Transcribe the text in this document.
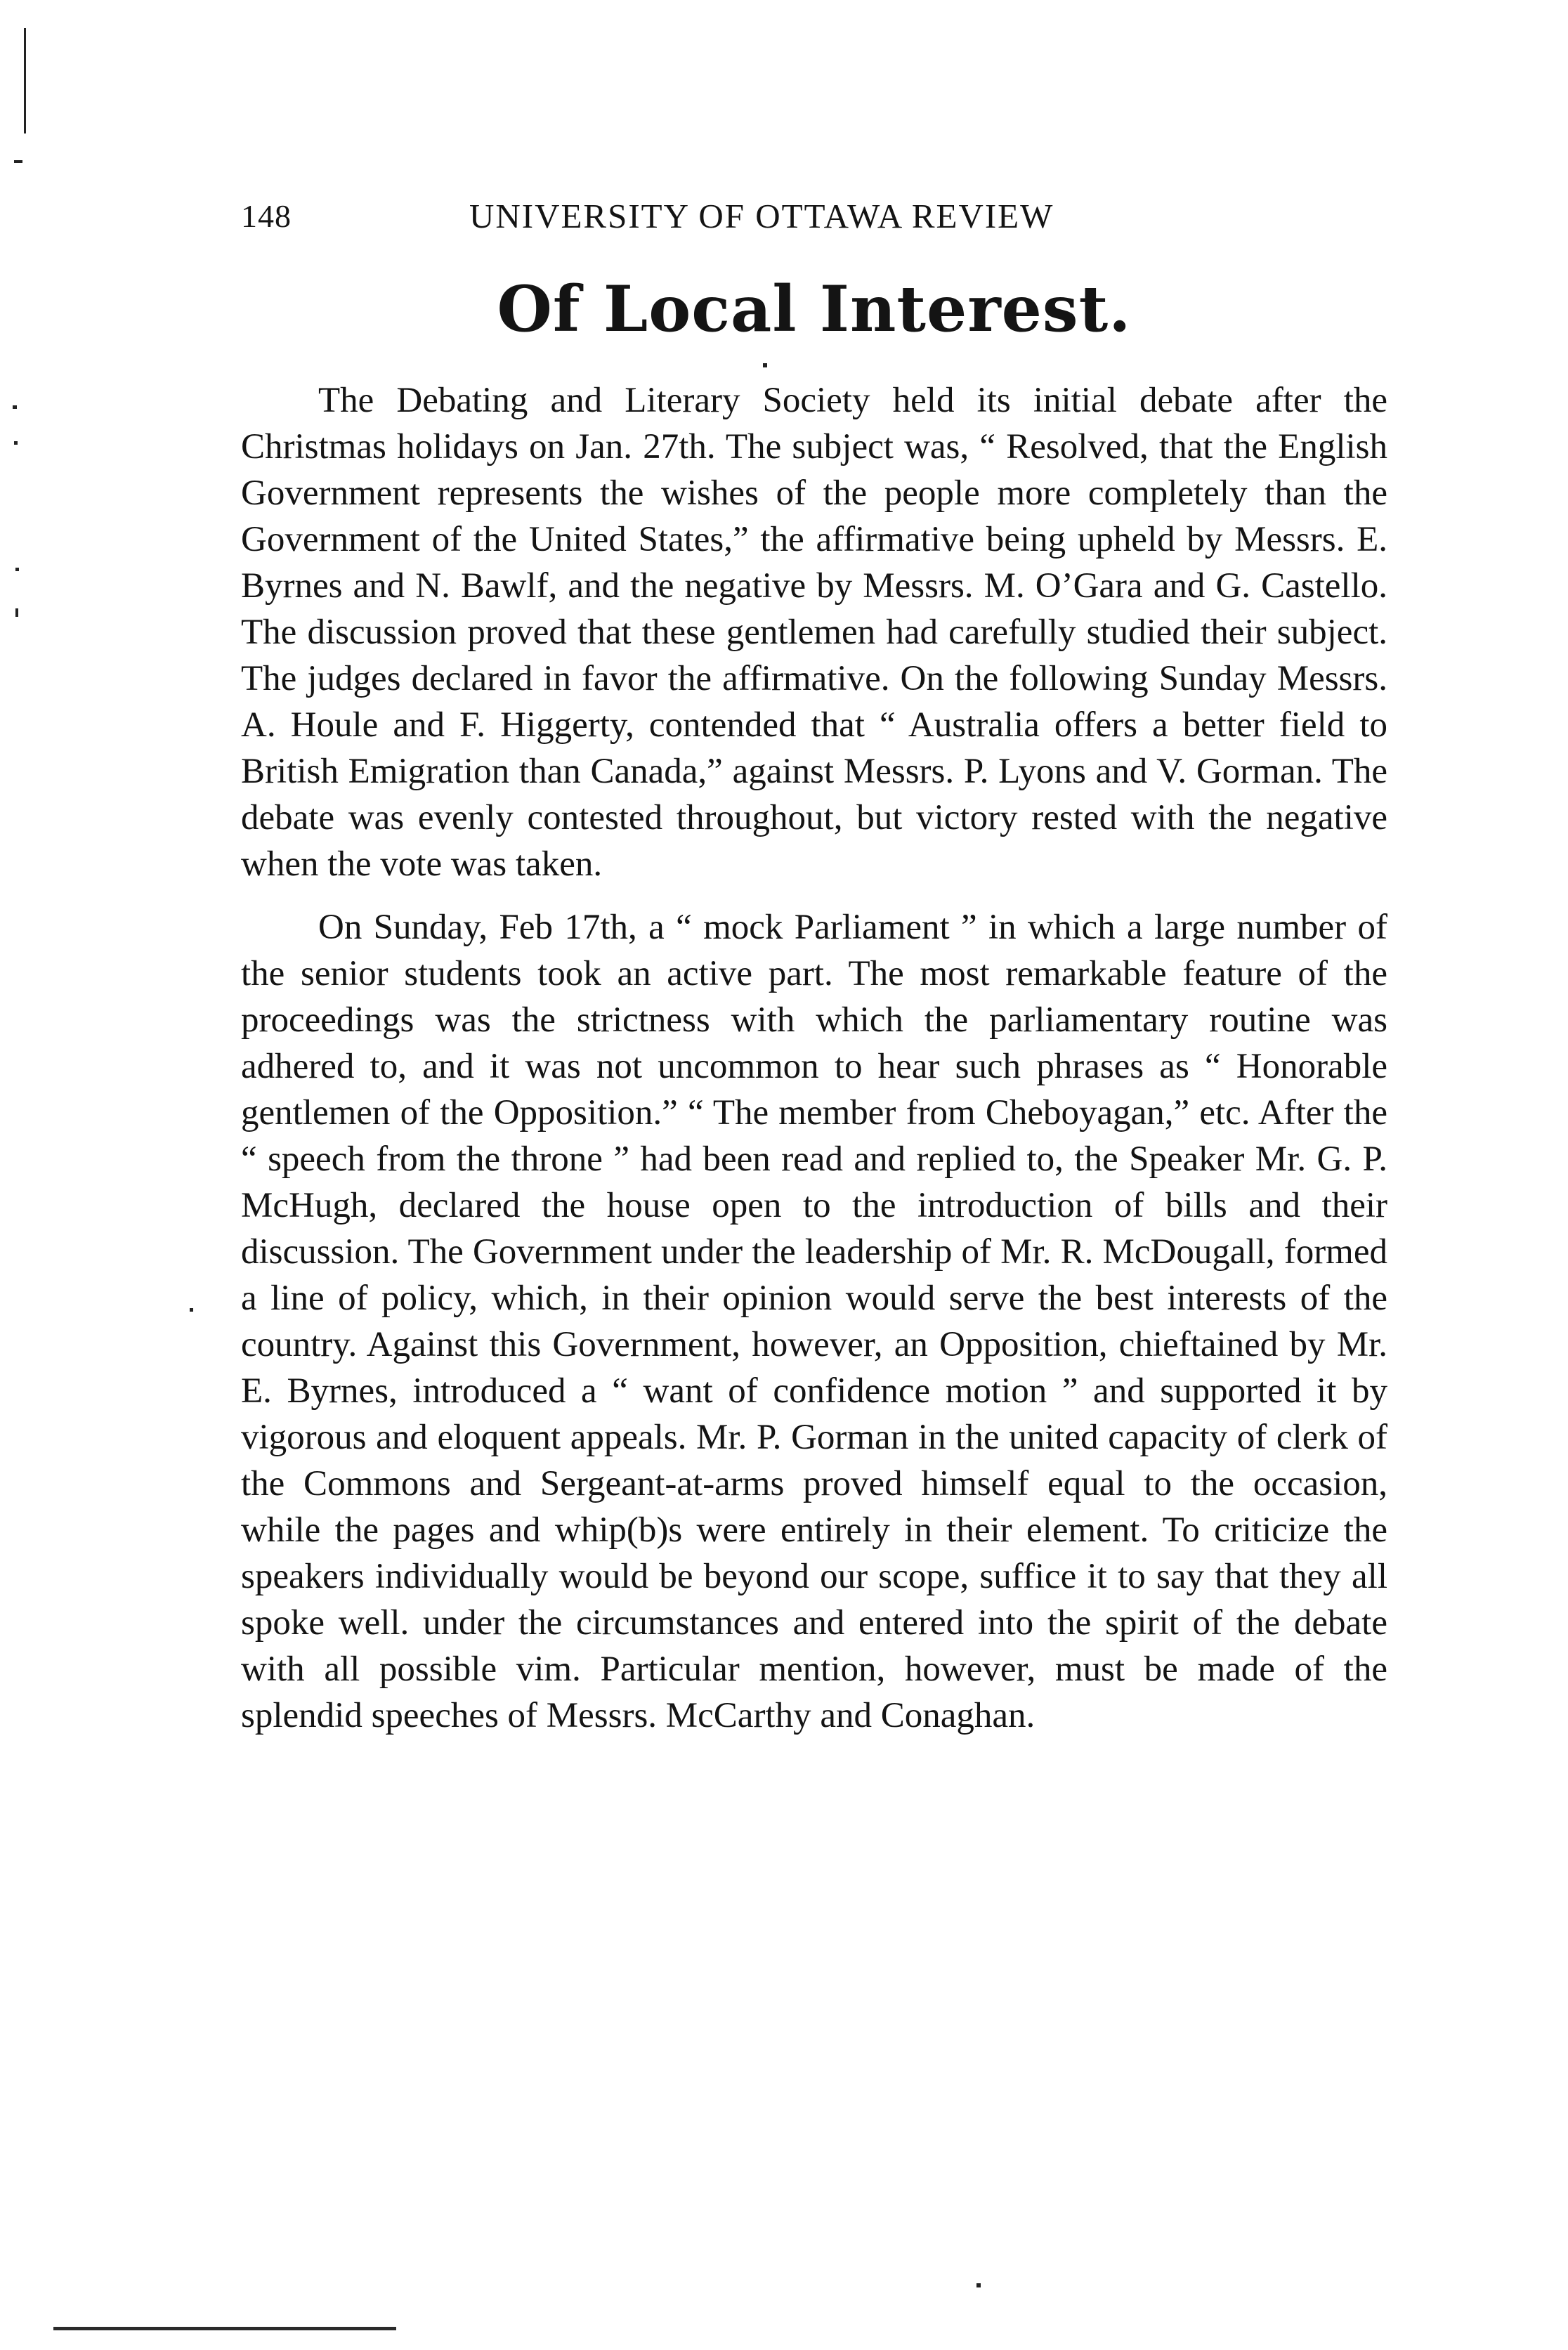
148	UNIVERSITY OF OTTAWA REVIEW
Of Local Interest.

The Debating and Literary Society held its initial debate after the Christmas holidays on Jan. 27th. The subject was, “ Resolved, that the English Government represents the wishes of the people more completely than the Government of the United States,” the affirmative being upheld by Messrs. E. Byrnes and N. Bawlf, and the negative by Messrs. M. O’Gara and G. Castello. The discussion proved that these gentlemen had carefully studied their subject. The judges declared in favor the affirmative. On the following Sunday Messrs. A. Houle and F. Higgerty, contended that “ Australia offers a better field to British Emigration than Canada,” against Messrs. P. Lyons and V. Gorman. The debate was evenly contested throughout, but victory rested with the negative when the vote was taken.

On Sunday, Feb 17th, a “ mock Parliament ” in which a large number of the senior students took an active part. The most remarkable feature of the proceedings was the strictness with which the parliamentary routine was adhered to, and it was not uncommon to hear such phrases as “ Honorable gentlemen of the Opposition.” “ The member from Cheboyagan,” etc. After the “ speech from the throne ” had been read and replied to, the Speaker Mr. G. P. McHugh, declared the house open to the introduction of bills and their discussion. The Government under the leadership of Mr. R. McDougall, formed a line of policy, which, in their opinion would serve the best interests of the country. Against this Government, however, an Opposition, chieftained by Mr. E. Byrnes, introduced a “ want of confidence motion ” and supported it by vigorous and eloquent appeals. Mr. P. Gorman in the united capacity of clerk of the Commons and Sergeant-at-arms proved himself equal to the occasion, while the pages and whip(b)s were entirely in their element. To criticize the speakers individually would be beyond our scope, suffice it to say that they all spoke well. under the circumstances and entered into the spirit of the debate with all possible vim. Particular mention, however, must be made of the splendid speeches of Messrs. McCarthy and Conaghan.
